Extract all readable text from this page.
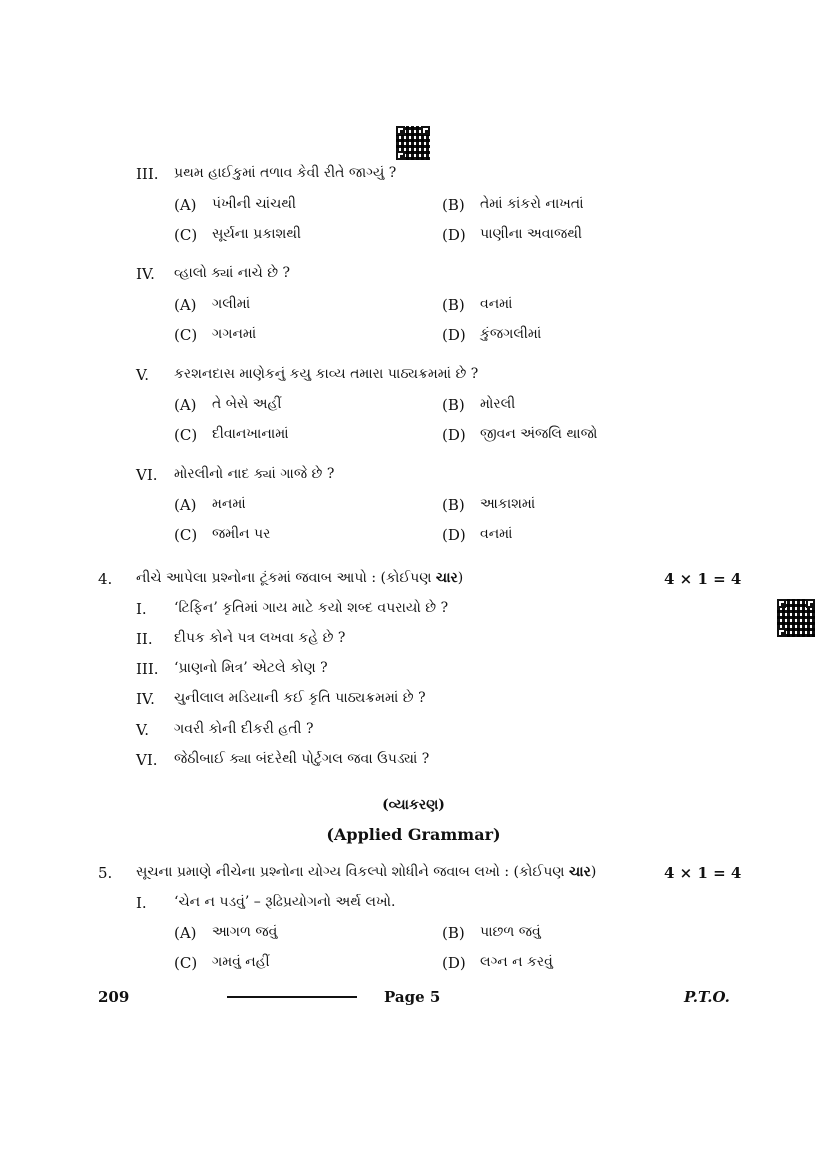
III. પ્રથમ હાઈકુમાં તળાવ કેવી રીતે જાગ્યું ?
(A) પંખીની ચાંચથી	(B) તેમાં કાંકરો નાખતાં
(C) સૂર્યના પ્રકાશથી	(D) પાણીના અવાજથી
IV. વ્હાલો ક્યાં નાચે છે ?
(A) ગલીમાં	(B) વનમાં
(C) ગગનમાં	(D) કુંજગલીમાં
V. કરશનદાસ માણેકનું કયુ કાવ્ય તમારા પાઠ્યક્રમમાં છે ?
(A) તે બેસે અહીં	(B) મોરલી
(C) દીવાનખાનામાં	(D) જીવન અંજલિ થાજો
VI. મોરલીનો નાદ ક્યાં ગાજે છે ?
(A) મનમાં	(B) આકાશમાં
(C) જમીન પર	(D) વનમાં
4. નીચે આપેલા પ્રશ્નોના ટૂંકમાં જવાબ આપો : (કોઈપણ ચાર)	4 × 1 = 4
I. ‘ટિફિન’ કૃતિમાં ગાય માટે કયો શબ્દ વપરાયો છે ?
II. દીપક કોને પત્ર લખવા કહે છે ?
III. ‘પ્રાણનો મિત્ર’ એટલે કોણ ?
IV. ચુનીલાલ મડિયાની કઈ કૃતિ પાઠ્યક્રમમાં છે ?
V. ગવરી કોની દીકરી હતી ?
VI. જેઠીબાઈ ક્યા બંદરેથી પોર્ટુગલ જવા ઉપડ્યાં ?
(વ્યાકરણ)
(Applied Grammar)
5. સૂચના પ્રમાણે નીચેના પ્રશ્નોના યોગ્ય વિકલ્પો શોધીને જવાબ લખો : (કોઈપણ ચાર)	4 × 1 = 4
I. ‘ચેન ન પડવું’ – રૂઢિપ્રયોગનો અર્થ લખો.
(A) આગળ જવું	(B) પાછળ જવું
(C) ગમવું નહીં	(D) લગ્ન ન કરવું
209	Page 5	P.T.O.
